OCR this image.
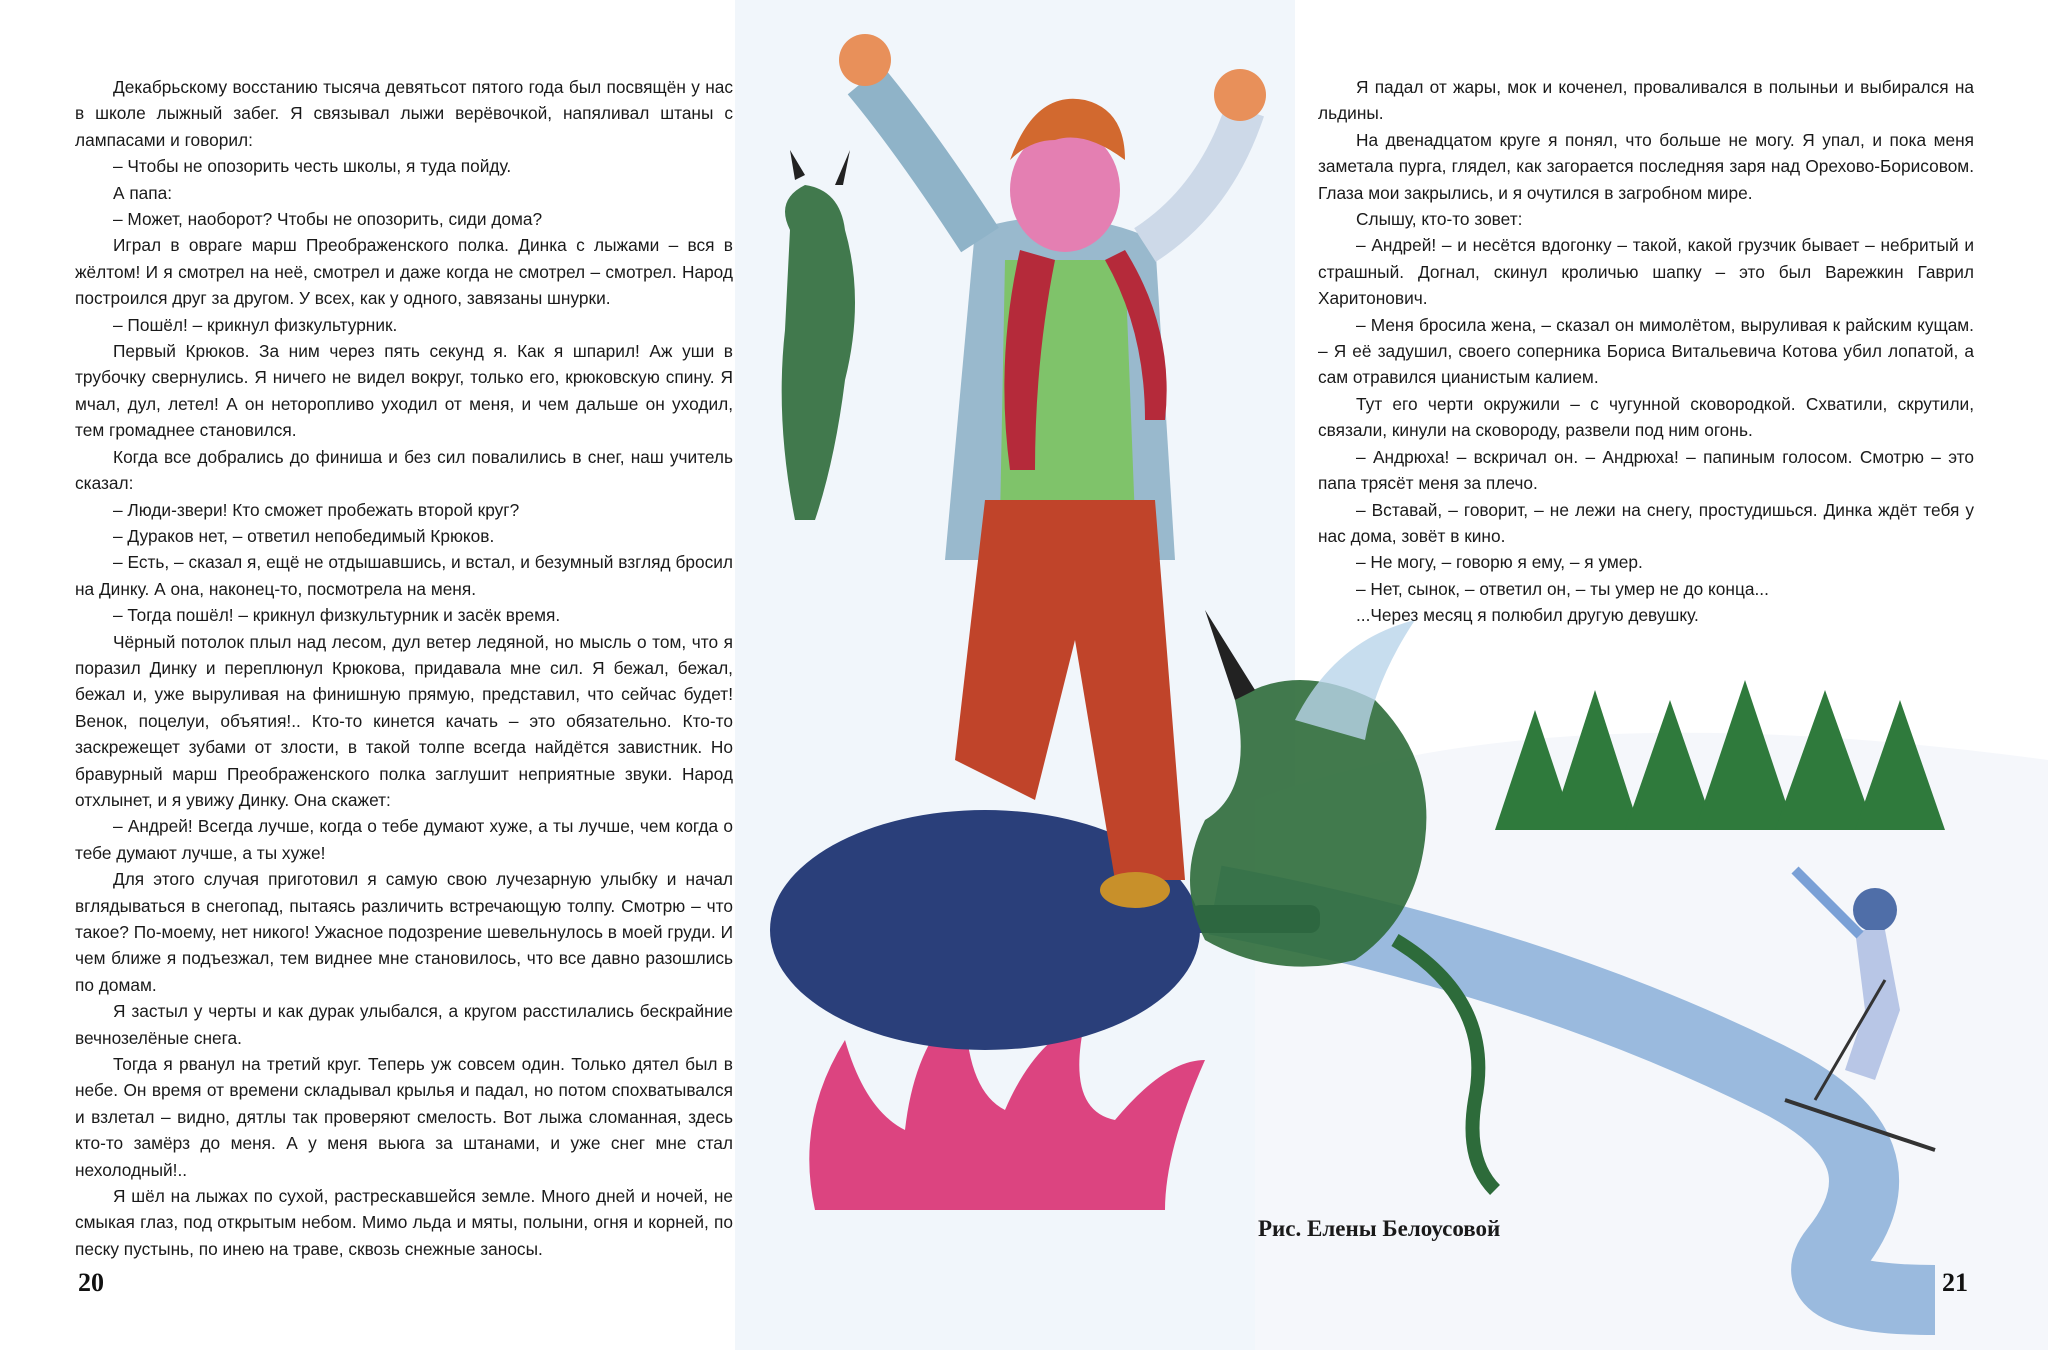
Декабрьскому восстанию тысяча девятьсот пятого года был посвящён у нас в школе лыжный забег. Я связывал лыжи верёвочкой, напяливал штаны с лампасами и говорил:

– Чтобы не опозорить честь школы, я туда пойду.

А папа:

– Может, наоборот? Чтобы не опозорить, сиди дома?

Играл в овраге марш Преображенского полка. Динка с лыжами – вся в жёлтом! И я смотрел на неё, смотрел и даже когда не смотрел – смотрел. Народ построился друг за другом. У всех, как у одного, завязаны шнурки.

– Пошёл! – крикнул физкультурник.

Первый Крюков. За ним через пять секунд я. Как я шпарил! Аж уши в трубочку свернулись. Я ничего не видел вокруг, только его, крюковскую спину. Я мчал, дул, летел! А он неторопливо уходил от меня, и чем дальше он уходил, тем громаднее становился.

Когда все добрались до финиша и без сил повалились в снег, наш учитель сказал:

– Люди-звери! Кто сможет пробежать второй круг?

– Дураков нет, – ответил непобедимый Крюков.

– Есть, – сказал я, ещё не отдышавшись, и встал, и безумный взгляд бросил на Динку. А она, наконец-то, посмотрела на меня.

– Тогда пошёл! – крикнул физкультурник и засёк время.

Чёрный потолок плыл над лесом, дул ветер ледяной, но мысль о том, что я поразил Динку и переплюнул Крюкова, придавала мне сил. Я бежал, бежал, бежал и, уже выруливая на финишную прямую, представил, что сейчас будет! Венок, поцелуи, объятия!.. Кто-то кинется качать – это обязательно. Кто-то заскрежещет зубами от злости, в такой толпе всегда найдётся завистник. Но бравурный марш Преображенского полка заглушит неприятные звуки. Народ отхлынет, и я увижу Динку. Она скажет:

– Андрей! Всегда лучше, когда о тебе думают хуже, а ты лучше, чем когда о тебе думают лучше, а ты хуже!

Для этого случая приготовил я самую свою лучезарную улыбку и начал вглядываться в снегопад, пытаясь различить встречающую толпу. Смотрю – что такое? По-моему, нет никого! Ужасное подозрение шевельнулось в моей груди. И чем ближе я подъезжал, тем виднее мне становилось, что все давно разошлись по домам.

Я застыл у черты и как дурак улыбался, а кругом расстилались бескрайние вечнозелёные снега.

Тогда я рванул на третий круг. Теперь уж совсем один. Только дятел был в небе. Он время от времени складывал крылья и падал, но потом спохватывался и взлетал – видно, дятлы так проверяют смелость. Вот лыжа сломанная, здесь кто-то замёрз до меня. А у меня вьюга за штанами, и уже снег мне стал нехолодный!..

Я шёл на лыжах по сухой, растрескавшейся земле. Много дней и ночей, не смыкая глаз, под открытым небом. Мимо льда и мяты, полыни, огня и корней, по песку пустынь, по инею на траве, сквозь снежные заносы.

20

Я падал от жары, мок и коченел, проваливался в полыньи и выбирался на льдины.

На двенадцатом круге я понял, что больше не могу. Я упал, и пока меня заметала пурга, глядел, как загорается последняя заря над Орехово-Борисовом. Глаза мои закрылись, и я очутился в загробном мире.

Слышу, кто-то зовет:

– Андрей! – и несётся вдогонку – такой, какой грузчик бывает – небритый и страшный. Догнал, скинул кроличью шапку – это был Варежкин Гаврил Харитонович.

– Меня бросила жена, – сказал он мимолётом, выруливая к райским кущам. – Я её задушил, своего соперника Бориса Витальевича Котова убил лопатой, а сам отравился цианистым калием.

Тут его черти окружили – с чугунной сковородкой. Схватили, скрутили, связали, кинули на сковороду, развели под ним огонь.

– Андрюха! – вскричал он. – Андрюха! – папиным голосом. Смотрю – это папа трясёт меня за плечо.

– Вставай, – говорит, – не лежи на снегу, простудишься. Динка ждёт тебя у нас дома, зовёт в кино.

– Не могу, – говорю я ему, – я умер.

– Нет, сынок, – ответил он, – ты умер не до конца...

...Через месяц я полюбил другую девушку.

Рис. Елены Белоусовой
21
